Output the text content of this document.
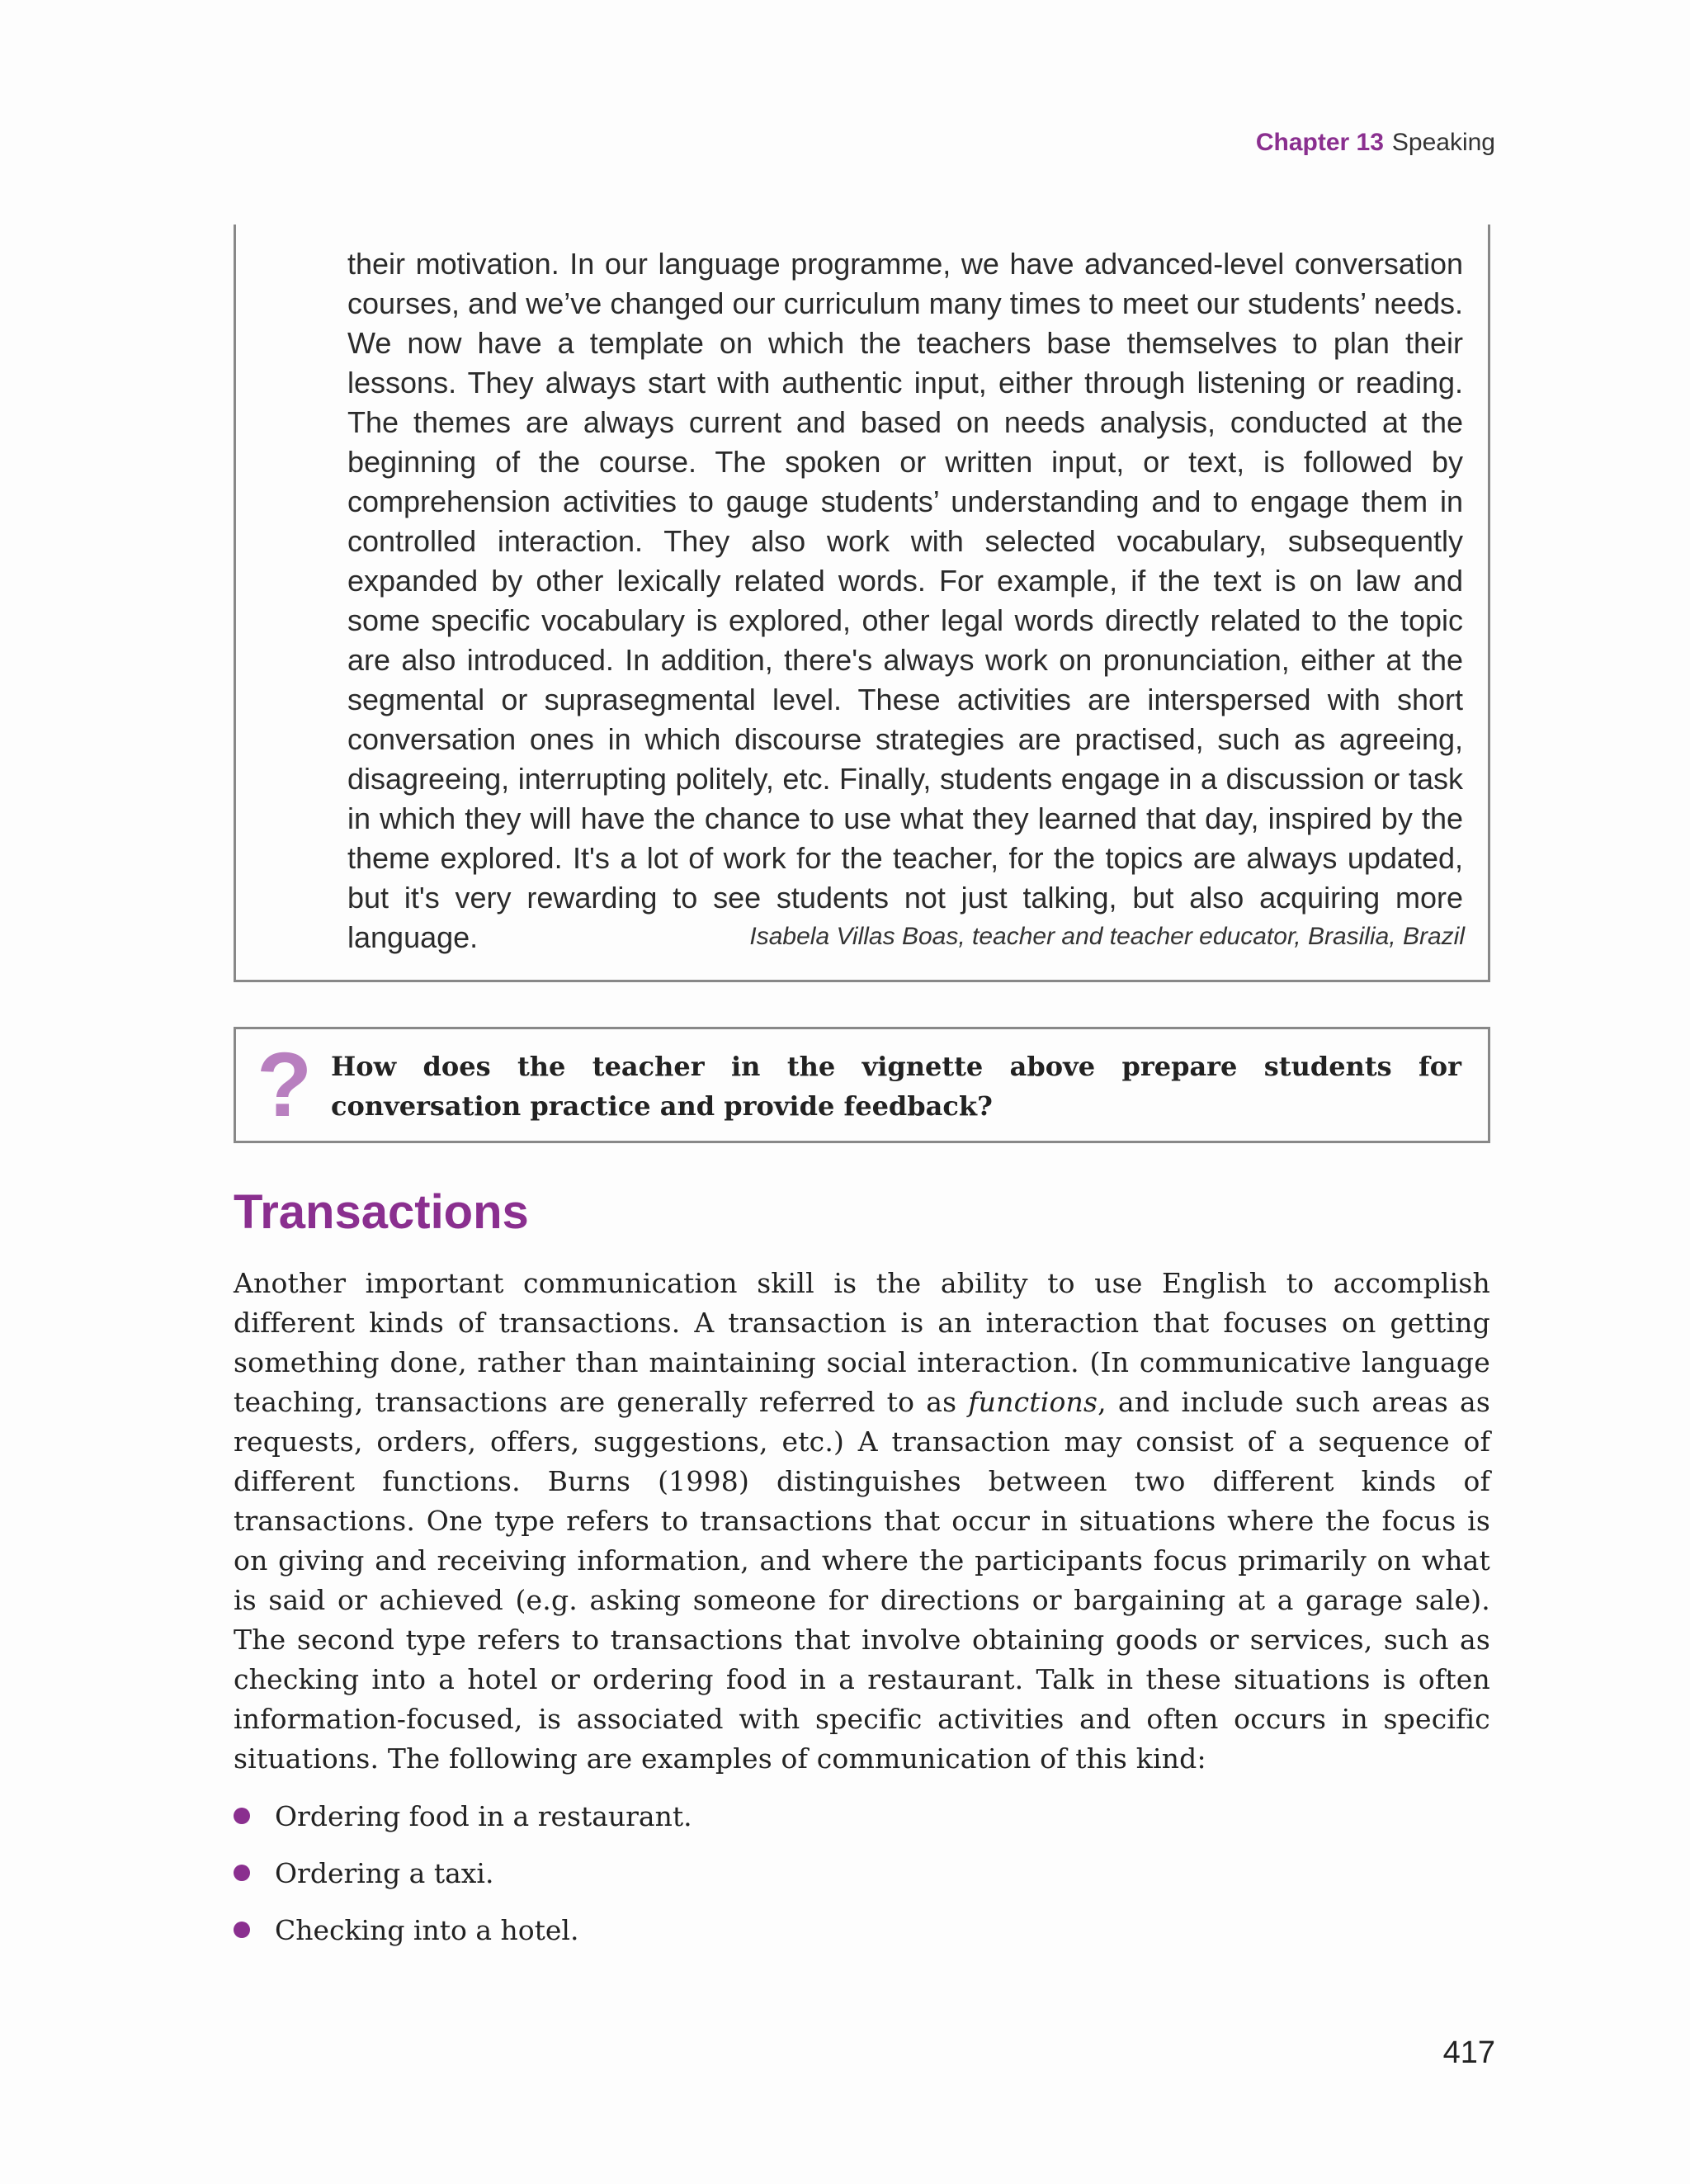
Chapter 13 Speaking

their motivation. In our language programme, we have advanced-level conversation courses, and we’ve changed our curriculum many times to meet our students’ needs. We now have a template on which the teachers base themselves to plan their lessons. They always start with authentic input, either through listening or reading. The themes are always current and based on needs analysis, conducted at the beginning of the course. The spoken or written input, or text, is followed by comprehension activities to gauge students’ understanding and to engage them in controlled interaction. They also work with selected vocabulary, subsequently expanded by other lexically related words. For example, if the text is on law and some specific vocabulary is explored, other legal words directly related to the topic are also introduced. In addition, there's always work on pronunciation, either at the segmental or suprasegmental level. These activities are interspersed with short conversation ones in which discourse strategies are practised, such as agreeing, disagreeing, interrupting politely, etc. Finally, students engage in a discussion or task in which they will have the chance to use what they learned that day, inspired by the theme explored. It's a lot of work for the teacher, for the topics are always updated, but it's very rewarding to see students not just talking, but also acquiring more language.	Isabela Villas Boas, teacher and teacher educator, Brasilia, Brazil
? How does the teacher in the vignette above prepare students for conversation practice and provide feedback?

Transactions

Another important communication skill is the ability to use English to accomplish different kinds of transactions. A transaction is an interaction that focuses on getting something done, rather than maintaining social interaction. (In communicative language teaching, transactions are generally referred to as functions, and include such areas as requests, orders, offers, suggestions, etc.) A transaction may consist of a sequence of different functions. Burns (1998) distinguishes between two different kinds of transactions. One type refers to transactions that occur in situations where the focus is on giving and receiving information, and where the participants focus primarily on what is said or achieved (e.g. asking someone for directions or bargaining at a garage sale). The second type refers to transactions that involve obtaining goods or services, such as checking into a hotel or ordering food in a restaurant. Talk in these situations is often information-focused, is associated with specific activities and often occurs in specific situations. The following are examples of communication of this kind:

Ordering food in a restaurant.
Ordering a taxi.
Checking into a hotel.
417
